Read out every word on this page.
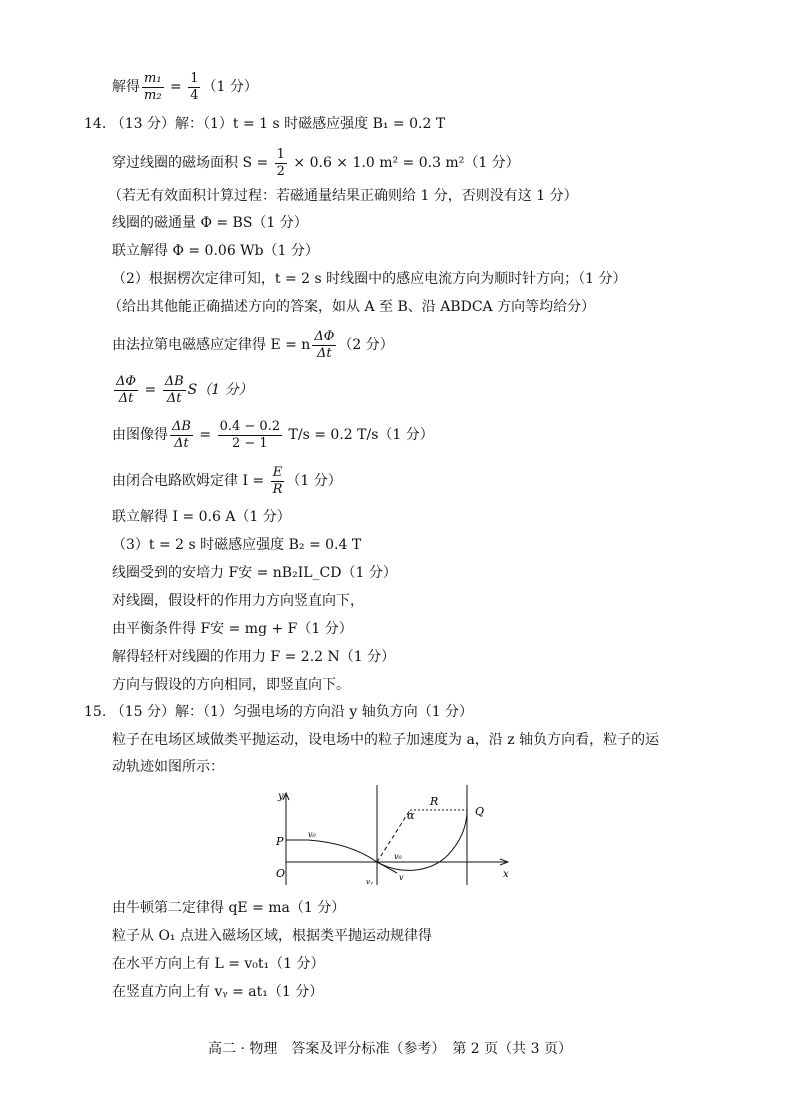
解得 $\frac{\text{m₁}}{\text{m₂}} = \frac{1}{4} (1$ 分）
14. （13 分）解：（1）t = 1 s 时磁感应强度 B₁ = 0.2 T
穿过线圈的磁场面积 $S = \frac{1}{2} \times 0.6 \times 1.0$ m² = 0.3 m²（1 分）
（若无有效面积计算过程：若磁通量结果正确则给 1 分，否则没有这 1 分）
线圈的磁通量 Φ = BS（1 分）
联立解得 Φ = 0.06 Wb（1 分）
（2）根据楞次定律可知，t = 2 s 时线圈中的感应电流方向为顺时针方向；（1 分）
（给出其他能正确描述方向的答案，如从 A 至 B、沿 ABDCA 方向等均给分）
由法拉第电磁感应定律得 E = n $\frac{\Delta\Phi}{\Delta t} (2$ 分）
$\frac{\Delta\Phi}{\Delta t} = \frac{\Delta B}{\Delta t} S(1$ 分）
由图像得 $\frac{\Delta B}{\Delta t} = \frac{0.4 - 0.2}{2 - 1} T/s = 0.2$ T/s（1 分）
由闭合电路欧姆定律 $I = \frac{E}{R} (1$ 分）
联立解得 I = 0.6 A（1 分）
（3）t = 2 s 时磁感应强度 B₂ = 0.4 T
线圈受到的安培力 F安 = nB₂IL_CD（1 分）
对线圈，假设杆的作用力方向竖直向下，
由平衡条件得 F安 = mg + F（1 分）
解得轻杆对线圈的作用力 F = 2.2 N（1 分）
方向与假设的方向相同，即竖直向下。
15. （15 分）解：（1）匀强电场的方向沿 y 轴负方向（1 分）
粒子在电场区域做类平抛运动，设电场中的粒子加速度为 a，沿 z 轴负方向看，粒子的运
动轨迹如图所示：
y
x
O
P
Q
R
α
v₀
v₀
vᵧ	v
由牛顿第二定律得 qE = ma（1 分）
粒子从 O₁ 点进入磁场区域，根据类平抛运动规律得
在水平方向上有 L = v₀t₁（1 分）
在竖直方向上有 vᵧ = at₁（1 分）
高二 · 物理　答案及评分标准（参考）　第 2 页（共 3 页）
